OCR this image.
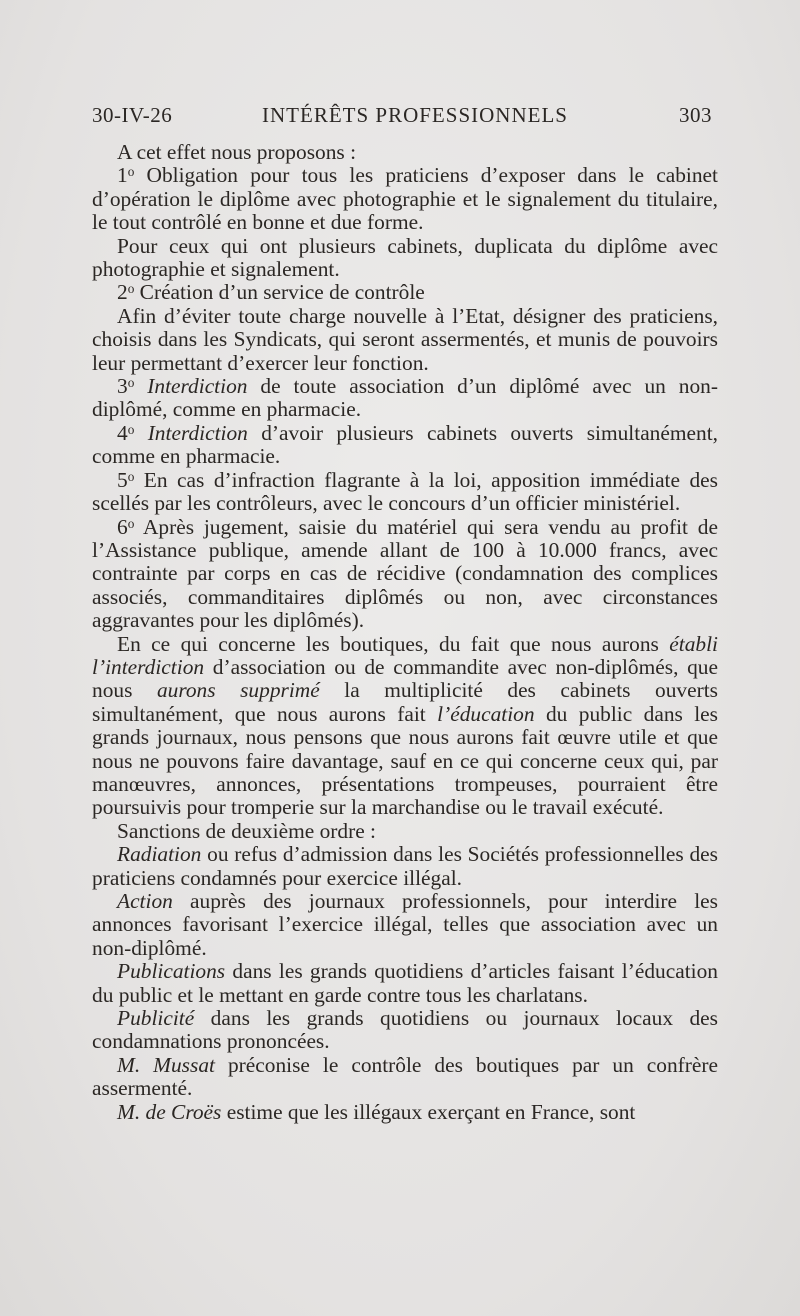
30-IV-26	INTÉRÊTS PROFESSIONNELS	303

A cet effet nous proposons :

1$^o$ Obligation pour tous les praticiens d’exposer dans le cabinet d’opération le diplôme avec photographie et le signalement du titulaire, le tout contrôlé en bonne et due forme.

Pour ceux qui ont plusieurs cabinets, duplicata du diplôme avec photographie et signalement.

2$^o$ Création d’un service de contrôle

Afin d’éviter toute charge nouvelle à l’Etat, désigner des praticiens, choisis dans les Syndicats, qui seront assermentés, et munis de pouvoirs leur permettant d’exercer leur fonction.

3$^o$ Interdiction de toute association d’un diplômé avec un non-diplômé, comme en pharmacie.

4$^o$ Interdiction d’avoir plusieurs cabinets ouverts simultanément, comme en pharmacie.

5$^o$ En cas d’infraction flagrante à la loi, apposition immédiate des scellés par les contrôleurs, avec le concours d’un officier ministériel.

6$^o$ Après jugement, saisie du matériel qui sera vendu au profit de l’Assistance publique, amende allant de 100 à 10.000 francs, avec contrainte par corps en cas de récidive (condamnation des complices associés, commanditaires diplômés ou non, avec circonstances aggravantes pour les diplômés).

En ce qui concerne les boutiques, du fait que nous aurons établi l’interdiction d’association ou de commandite avec non-diplômés, que nous aurons supprimé la multiplicité des cabinets ouverts simultanément, que nous aurons fait l’éducation du public dans les grands journaux, nous pensons que nous aurons fait œuvre utile et que nous ne pouvons faire davantage, sauf en ce qui concerne ceux qui, par manœuvres, annonces, présentations trompeuses, pourraient être poursuivis pour tromperie sur la marchandise ou le travail exécuté.

Sanctions de deuxième ordre :

Radiation ou refus d’admission dans les Sociétés professionnelles des praticiens condamnés pour exercice illégal.

Action auprès des journaux professionnels, pour interdire les annonces favorisant l’exercice illégal, telles que association avec un non-diplômé.

Publications dans les grands quotidiens d’articles faisant l’éducation du public et le mettant en garde contre tous les charlatans.

Publicité dans les grands quotidiens ou journaux locaux des condamnations prononcées.

M. Mussat préconise le contrôle des boutiques par un confrère assermenté.

M. de Croës estime que les illégaux exerçant en France, sont
